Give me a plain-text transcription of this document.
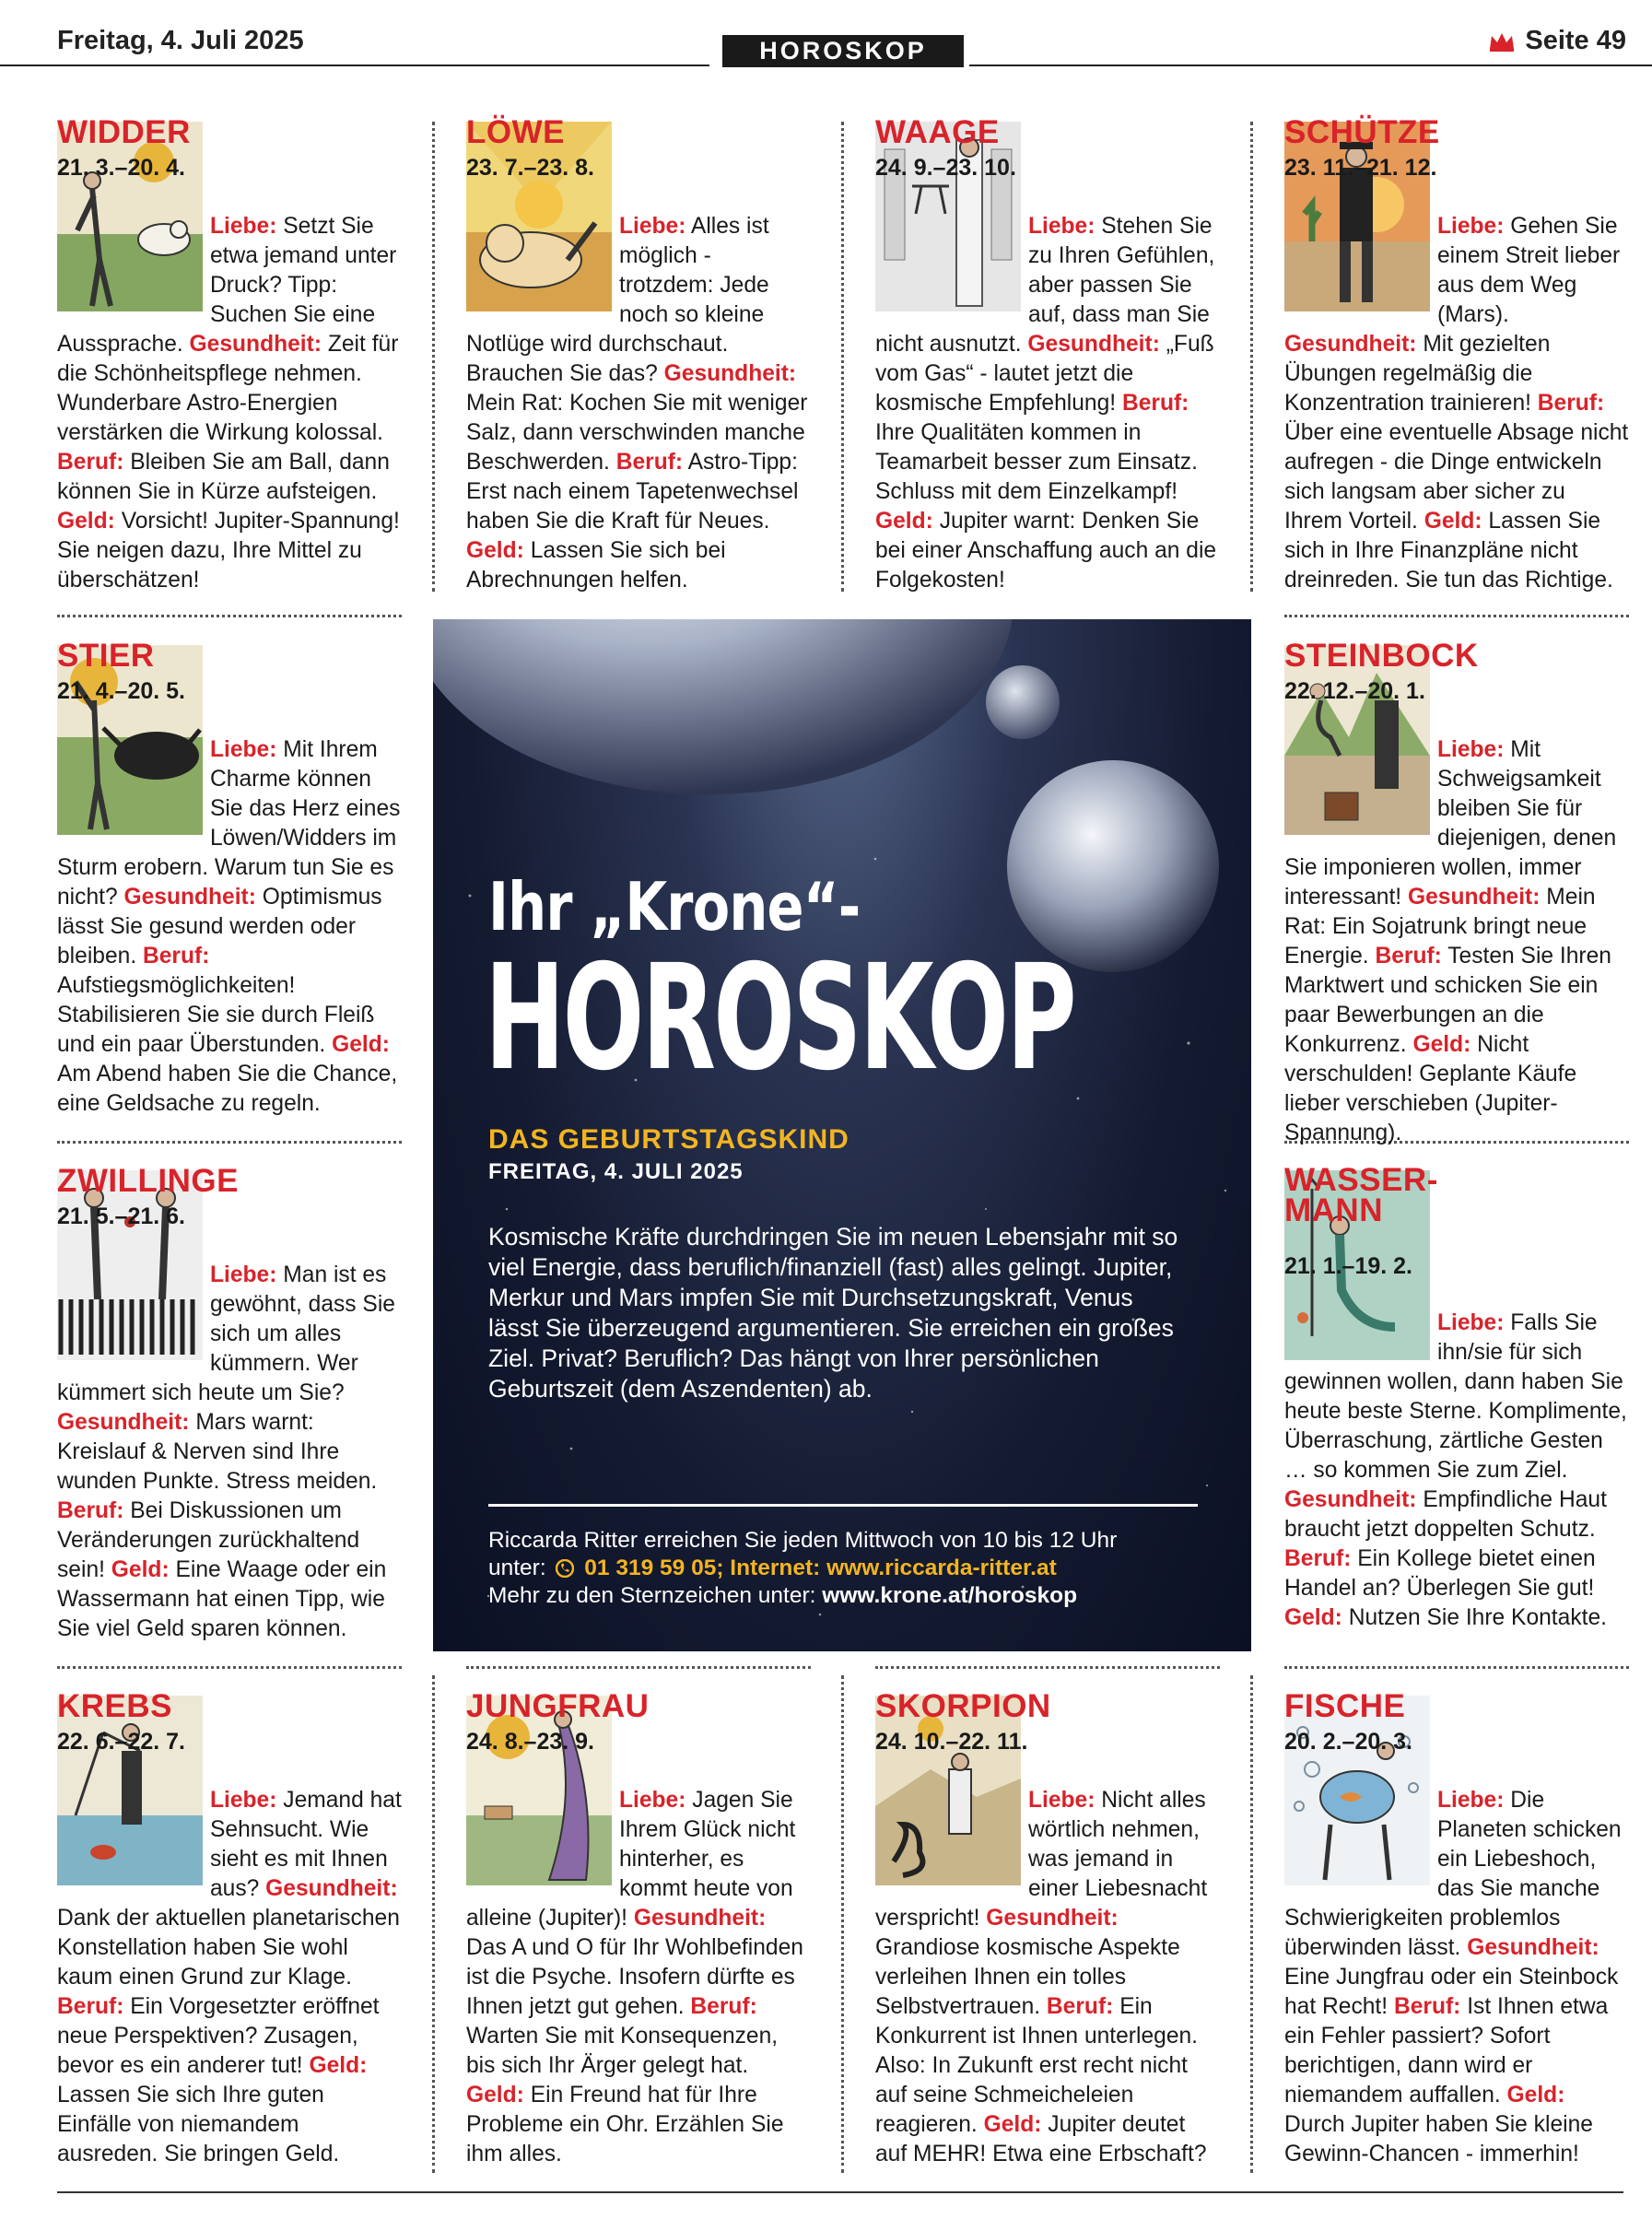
Freitag, 4. Juli 2025	HOROSKOP	Seite 49
WIDDER
21. 3.–20. 4.
Liebe: Setzt Sie etwa jemand unter Druck? Tipp: Suchen Sie eine Aussprache. Gesundheit: Zeit für die Schönheitspflege nehmen. Wunderbare Astro-Energien verstärken die Wirkung kolossal. Beruf: Bleiben Sie am Ball, dann können Sie in Kürze aufsteigen. Geld: Vorsicht! Jupiter-Spannung! Sie neigen dazu, Ihre Mittel zu überschätzen!
LÖWE
23. 7.–23. 8.
Liebe: Alles ist möglich - trotzdem: Jede noch so kleine Notlüge wird durchschaut. Brauchen Sie das? Gesundheit: Mein Rat: Kochen Sie mit weniger Salz, dann verschwinden manche Beschwerden. Beruf: Astro-Tipp: Erst nach einem Tapetenwechsel haben Sie die Kraft für Neues. Geld: Lassen Sie sich bei Abrechnungen helfen.
WAAGE
24. 9.–23. 10.
Liebe: Stehen Sie zu Ihren Gefühlen, aber passen Sie auf, dass man Sie nicht ausnutzt. Gesundheit: „Fuß vom Gas“ - lautet jetzt die kosmische Empfehlung! Beruf: Ihre Qualitäten kommen in Teamarbeit besser zum Einsatz. Schluss mit dem Einzelkampf! Geld: Jupiter warnt: Denken Sie bei einer Anschaffung auch an die Folgekosten!
SCHÜTZE
23. 11.–21. 12.
Liebe: Gehen Sie einem Streit lieber aus dem Weg (Mars). Gesundheit: Mit gezielten Übungen regelmäßig die Konzentration trainieren! Beruf: Über eine eventuelle Absage nicht aufregen - die Dinge entwickeln sich langsam aber sicher zu Ihrem Vorteil. Geld: Lassen Sie sich in Ihre Finanzpläne nicht dreinreden. Sie tun das Richtige.
STIER
21. 4.–20. 5.
Liebe: Mit Ihrem Charme können Sie das Herz eines Löwen/Widders im Sturm erobern. Warum tun Sie es nicht? Gesundheit: Optimismus lässt Sie gesund werden oder bleiben. Beruf: Aufstiegsmöglichkeiten! Stabilisieren Sie sie durch Fleiß und ein paar Überstunden. Geld: Am Abend haben Sie die Chance, eine Geldsache zu regeln.
STEINBOCK
22. 12.–20. 1.
Liebe: Mit Schweigsamkeit bleiben Sie für diejenigen, denen Sie imponieren wollen, immer interessant! Gesundheit: Mein Rat: Ein Sojatrunk bringt neue Energie. Beruf: Testen Sie Ihren Marktwert und schicken Sie ein paar Bewerbungen an die Konkurrenz. Geld: Nicht verschulden! Geplante Käufe lieber verschieben (Jupiter-Spannung).
ZWILLINGE
21. 5.–21. 6.
Liebe: Man ist es gewöhnt, dass Sie sich um alles kümmern. Wer kümmert sich heute um Sie? Gesundheit: Mars warnt: Kreislauf & Nerven sind Ihre wunden Punkte. Stress meiden. Beruf: Bei Diskussionen um Veränderungen zurückhaltend sein! Geld: Eine Waage oder ein Wassermann hat einen Tipp, wie Sie viel Geld sparen können.
WASSER-MANN
21. 1.–19. 2.
Liebe: Falls Sie ihn/sie für sich gewinnen wollen, dann haben Sie heute beste Sterne. Komplimente, Überraschung, zärtliche Gesten … so kommen Sie zum Ziel. Gesundheit: Empfindliche Haut braucht jetzt doppelten Schutz. Beruf: Ein Kollege bietet einen Handel an? Überlegen Sie gut! Geld: Nutzen Sie Ihre Kontakte.
KREBS
22. 6.–22. 7.
Liebe: Jemand hat Sehnsucht. Wie sieht es mit Ihnen aus? Gesundheit: Dank der aktuellen planetarischen Konstellation haben Sie wohl kaum einen Grund zur Klage. Beruf: Ein Vorgesetzter eröffnet neue Perspektiven? Zusagen, bevor es ein anderer tut! Geld: Lassen Sie sich Ihre guten Einfälle von niemandem ausreden. Sie bringen Geld.
JUNGFRAU
24. 8.–23. 9.
Liebe: Jagen Sie Ihrem Glück nicht hinterher, es kommt heute von alleine (Jupiter)! Gesundheit: Das A und O für Ihr Wohlbefinden ist die Psyche. Insofern dürfte es Ihnen jetzt gut gehen. Beruf: Warten Sie mit Konsequenzen, bis sich Ihr Ärger gelegt hat. Geld: Ein Freund hat für Ihre Probleme ein Ohr. Erzählen Sie ihm alles.
SKORPION
24. 10.–22. 11.
Liebe: Nicht alles wörtlich nehmen, was jemand in einer Liebesnacht verspricht! Gesundheit: Grandiose kosmische Aspekte verleihen Ihnen ein tolles Selbstvertrauen. Beruf: Ein Konkurrent ist Ihnen unterlegen. Also: In Zukunft erst recht nicht auf seine Schmeicheleien reagieren. Geld: Jupiter deutet auf MEHR! Etwa eine Erbschaft?
FISCHE
20. 2.–20. 3.
Liebe: Die Planeten schicken ein Liebeshoch, das Sie manche Schwierigkeiten problemlos überwinden lässt. Gesundheit: Eine Jungfrau oder ein Steinbock hat Recht! Beruf: Ist Ihnen etwa ein Fehler passiert? Sofort berichtigen, dann wird er niemandem auffallen. Geld: Durch Jupiter haben Sie kleine Gewinn-Chancen - immerhin!
Ihr „Krone“-
HOROSKOP
DAS GEBURTSTAGSKIND
FREITAG, 4. JULI 2025
Kosmische Kräfte durchdringen Sie im neuen Lebensjahr mit so viel Energie, dass beruflich/finanziell (fast) alles gelingt. Jupiter, Merkur und Mars impfen Sie mit Durchsetzungskraft, Venus lässt Sie überzeugend argumentieren. Sie erreichen ein großes Ziel. Privat? Beruflich? Das hängt von Ihrer persönlichen Geburtszeit (dem Aszendenten) ab.
Riccarda Ritter erreichen Sie jeden Mittwoch von 10 bis 12 Uhr
unter: 01 319 59 05; Internet: www.riccarda-ritter.at
Mehr zu den Sternzeichen unter: www.krone.at/horoskop
